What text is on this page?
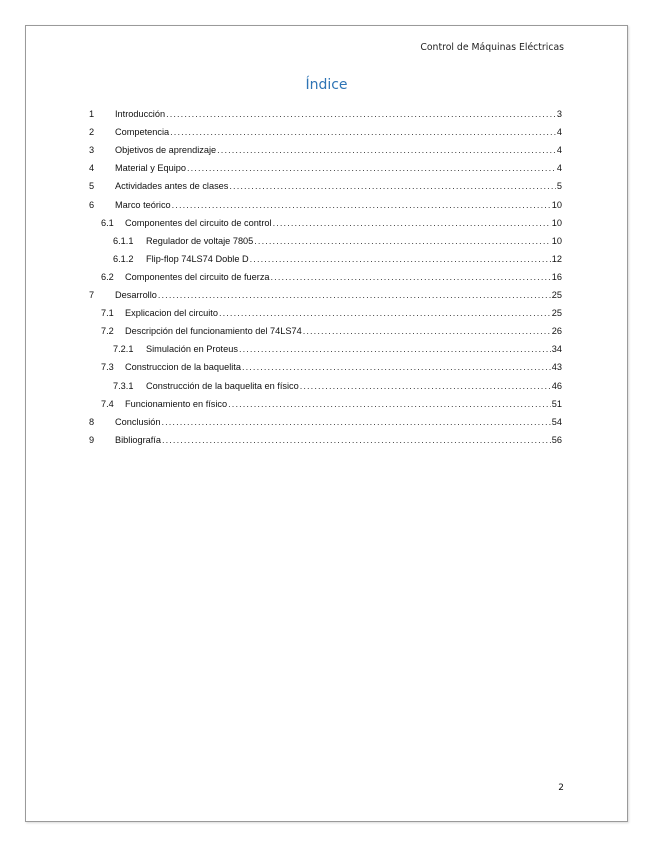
Control de Máquinas Eléctricas
Índice
1	Introducción .....	3
2	Competencia .....	4
3	Objetivos de aprendizaje .....	4
4	Material y Equipo .....	4
5	Actividades antes de clases .....	5
6	Marco teórico .....	10
6.1	Componentes del circuito de control .....	10
6.1.1	Regulador de voltaje 7805 .....	10
6.1.2	Flip-flop 74LS74 Doble D .....	12
6.2	Componentes del circuito de fuerza .....	16
7	Desarrollo .....	25
7.1	Explicacion del circuito .....	25
7.2	Descripción del funcionamiento del 74LS74 .....	26
7.2.1	Simulación en Proteus .....	34
7.3	Construccion de la baquelita .....	43
7.3.1	Construcción de la baquelita en físico .....	46
7.4	Funcionamiento en físico .....	51
8	Conclusión .....	54
9	Bibliografía .....	56
2
